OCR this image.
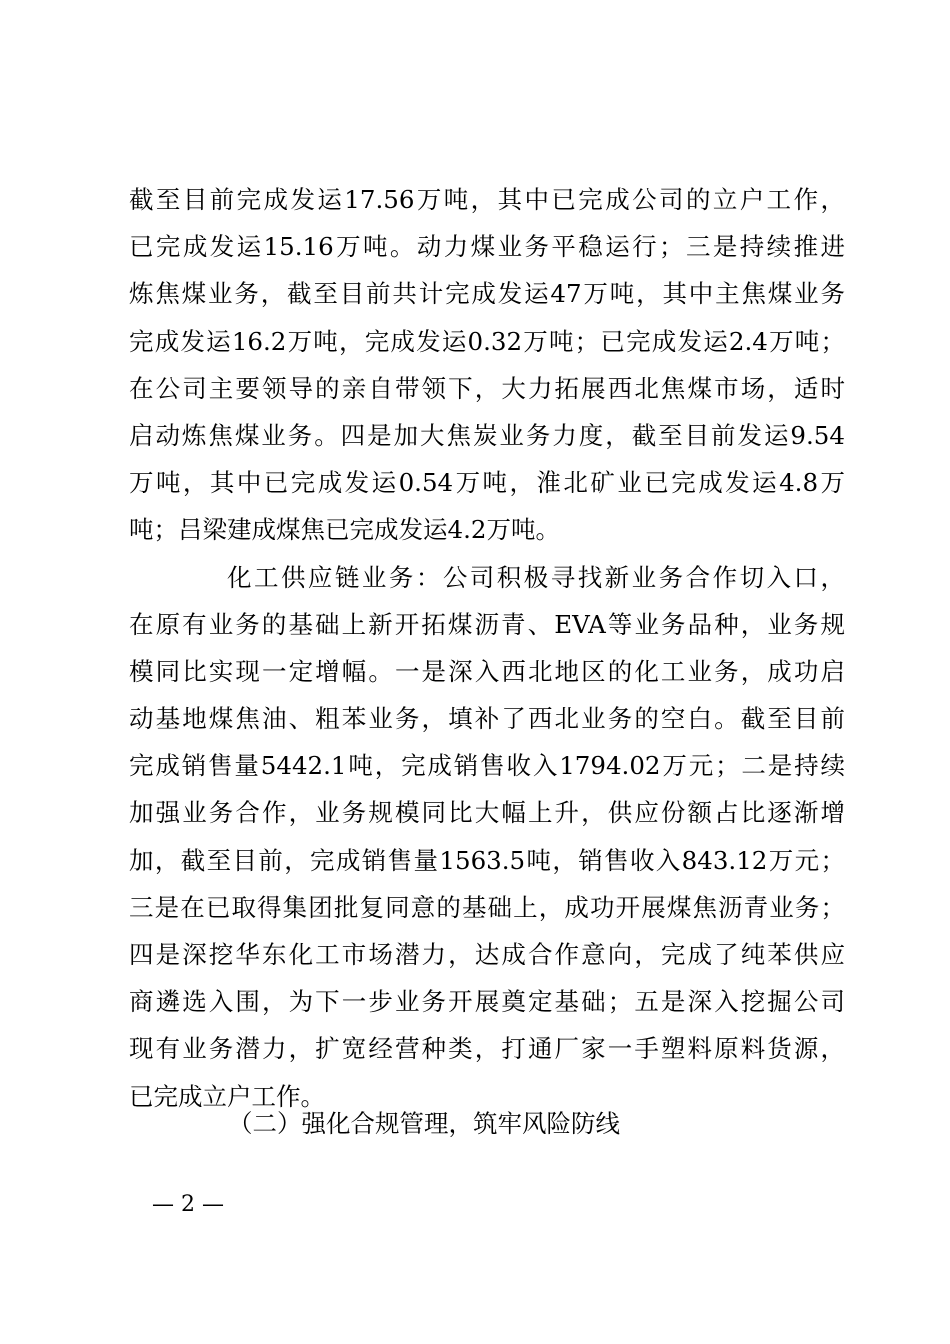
截至目前完成发运17.56万吨，其中已完成公司的立户工作，
已完成发运15.16万吨。动力煤业务平稳运行；三是持续推进
炼焦煤业务，截至目前共计完成发运47万吨，其中主焦煤业务
完成发运16.2万吨，完成发运0.32万吨；已完成发运2.4万吨；
在公司主要领导的亲自带领下，大力拓展西北焦煤市场，适时
启动炼焦煤业务。四是加大焦炭业务力度，截至目前发运9.54
万吨，其中已完成发运0.54万吨，淮北矿业已完成发运4.8万
吨；吕梁建成煤焦已完成发运4.2万吨。
化工供应链业务：公司积极寻找新业务合作切入口，
在原有业务的基础上新开拓煤沥青、EVA等业务品种，业务规
模同比实现一定增幅。一是深入西北地区的化工业务，成功启
动基地煤焦油、粗苯业务，填补了西北业务的空白。截至目前
完成销售量5442.1吨，完成销售收入1794.02万元；二是持续
加强业务合作，业务规模同比大幅上升，供应份额占比逐渐增
加，截至目前，完成销售量1563.5吨，销售收入843.12万元；
三是在已取得集团批复同意的基础上，成功开展煤焦沥青业务；
四是深挖华东化工市场潜力，达成合作意向，完成了纯苯供应
商遴选入围，为下一步业务开展奠定基础；五是深入挖掘公司
现有业务潜力，扩宽经营种类，打通厂家一手塑料原料货源，
已完成立户工作。
（二）强化合规管理，筑牢风险防线
— 2 —
